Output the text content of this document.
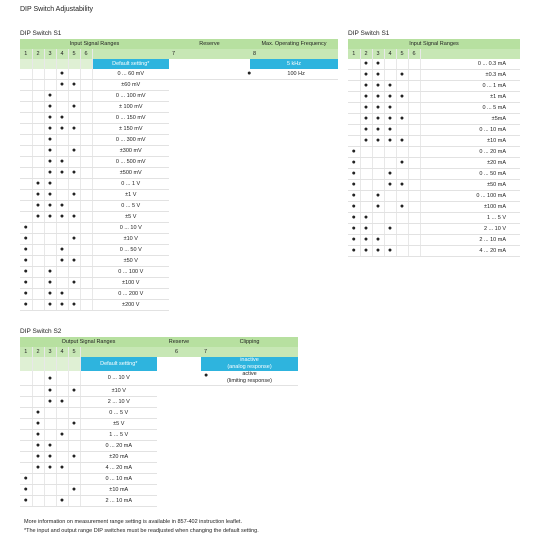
DIP Switch Adjustability
DIP Switch S1
Input Signal Ranges							Reserve	Max. Operating Frequency
1	2	3	4	5	6		7	8
						Default setting*		5 kHz
			●			0 ... 60 mV		● 100 Hz
			●	●		±60 mV		
		●				0 ... 100 mV		
		●		●		± 100 mV		
		●	●			0 ... 150 mV		
		●	●	●		± 150 mV		
		●				0 ... 300 mV		
		●		●		±300 mV		
		●	●			0 ... 500 mV		
		●	●	●		±500 mV		
	●	●				0 ... 1 V		
	●	●		●		±1 V		
	●	●	●			0 ... 5 V		
	●	●	●	●		±5 V		
●						0 ... 10 V		
●				●		±10 V		
●			●			0 ... 50 V		
●			●	●		±50 V		
●		●				0 ... 100 V		
●		●		●		±100 V		
●		●	●			0 ... 200 V		
●		●	●	●		±200 V		
DIP Switch S1
Input Signal Ranges						
1	2	3	4	5	6	
	●	●				0 ... 0.3 mA
	●	●		●		±0.3 mA
	●	●	●			0 ... 1 mA
	●	●	●	●		±1 mA
	●	●	●			0 ... 5 mA
	●	●	●	●		±5mA
	●	●	●			0 ... 10 mA
	●	●	●	●		±10 mA
●						0 ... 20 mA
●				●		±20 mA
●			●			0 ... 50 mA
●			●	●		±50 mA
●		●				0 ... 100 mA
●		●		●		±100 mA
●	●					1 ... 5 V
●	●		●			2 ... 10 V
●	●	●				2 ... 10 mA
●	●	●	●			4 ... 20 mA
DIP Switch S2
Output Signal Ranges						Reserve	Clipping
1	2	3	4	5		6	7
					Default setting*		inactive
(analog response)

		●			0 ... 10 V		● active
(limiting response)

		●		●	±10 V		
		●	●		2 ... 10 V		
	●				0 ... 5 V		
	●			●	±5 V		
	●		●		1 ... 5 V		
	●	●			0 ... 20 mA		
	●	●		●	±20 mA		
	●	●	●		4 ... 20 mA		
●					0 ... 10 mA		
●				●	±10 mA		
●			●		2 ... 10 mA		
More information on measurement range setting is available in 857-402 instruction leaflet.
*The input and output range DIP switches must be readjusted when changing the default setting.
